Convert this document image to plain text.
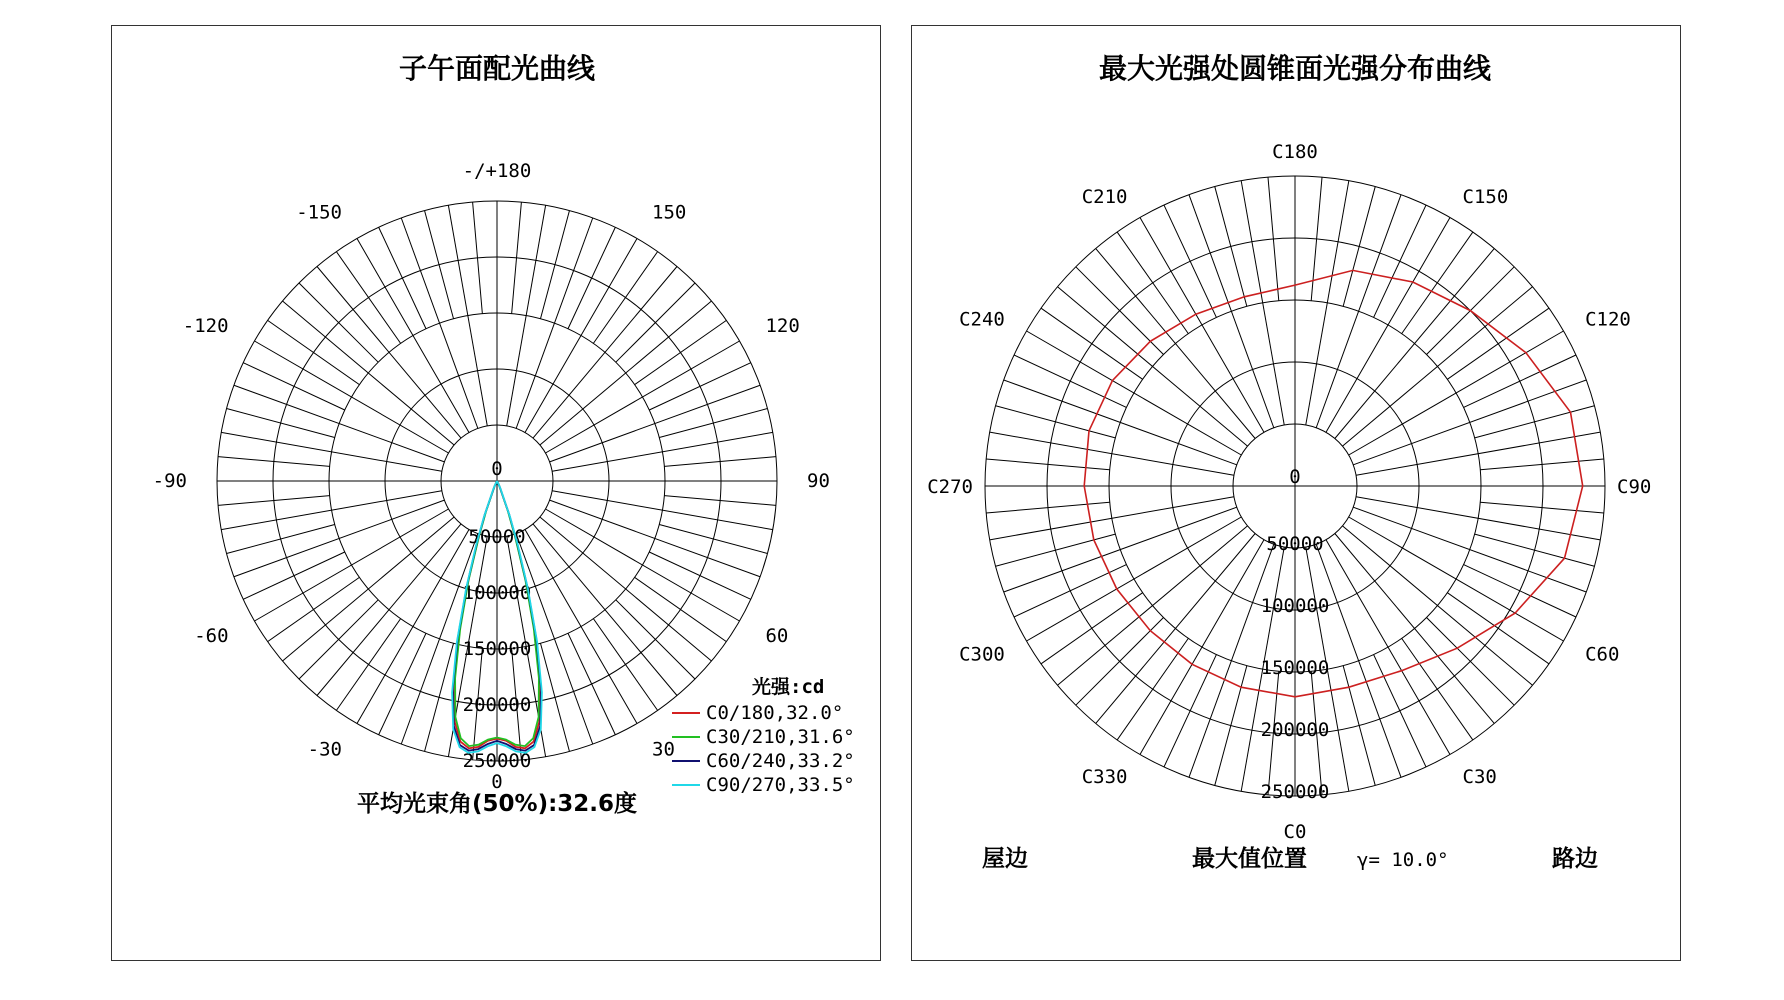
子午面配光曲线
-/+180
150
-150
120
-120
90
-90
60
-60
30
-30
0
0
50000
100000
150000
200000
250000
光强:cd
C0/180,32.0°
C30/210,31.6°
C60/240,33.2°
C90/270,33.5°
平均光束角(50%):32.6度
最大光强处圆锥面光强分布曲线
C180
C150
C120
C90
C60
C30
C0
C330
C300
C270
C240
C210
0
50000
100000
150000
200000
250000
屋边	最大值位置	γ= 10.0°	路边
